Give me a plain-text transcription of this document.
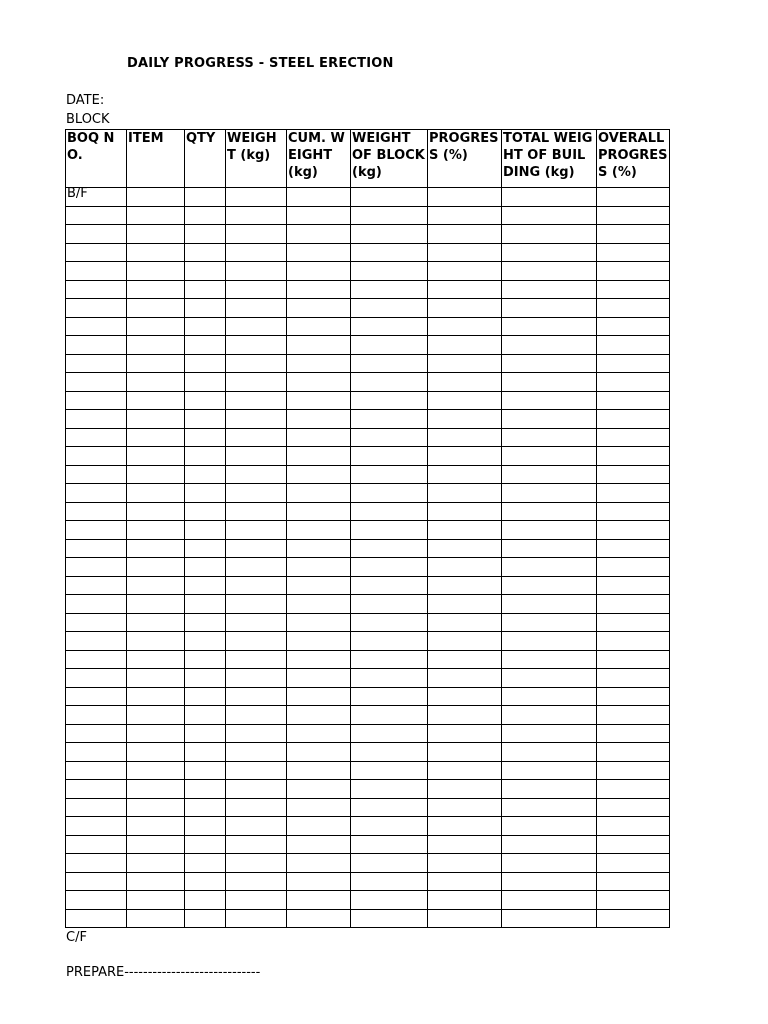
DAILY PROGRESS - STEEL ERECTION
DATE:
BLOCK
BOQ NO.	ITEM	QTY	WEIGHT (kg)	CUM. WEIGHT (kg)	WEIGHT OF BLOCK (kg)	PROGRESS (%)	TOTAL WEIGHT OF BUILDING (kg)	OVERALL PROGRESS (%)

B/F								

C/F
PREPARE-----------------------------
